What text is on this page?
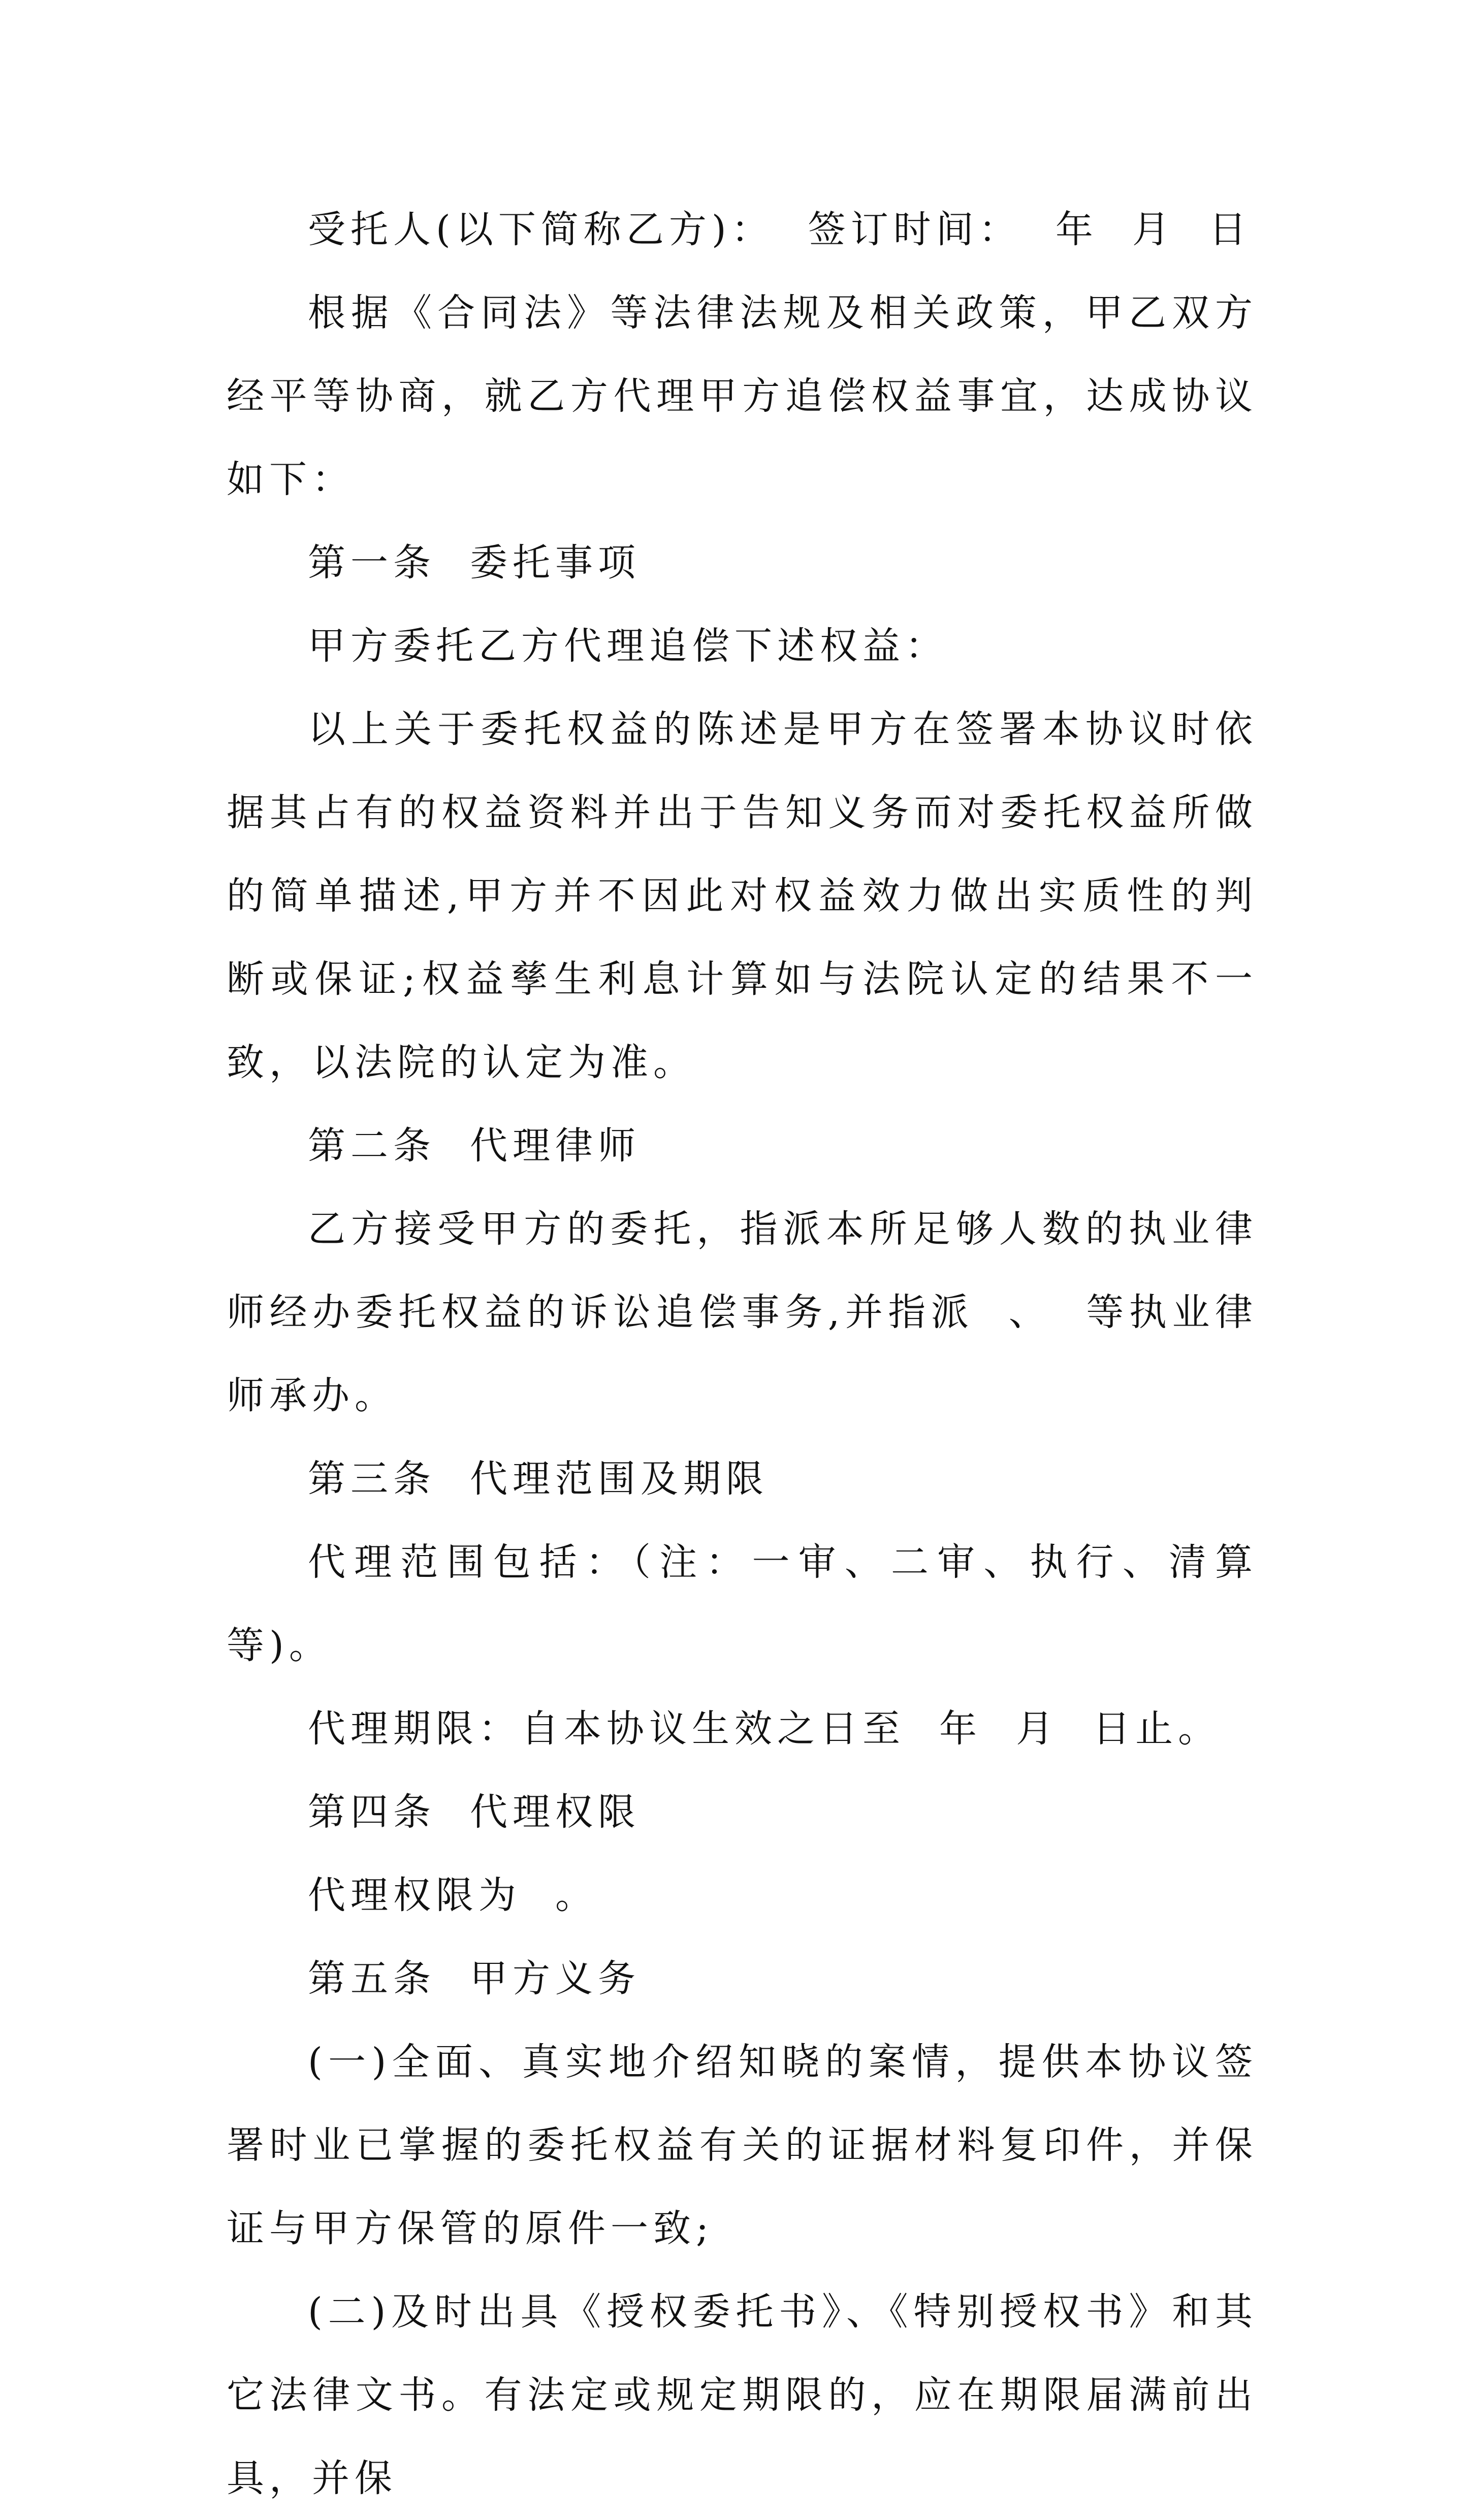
受托人(以下简称乙方)：  签订时间：  年  月  日

根据《合同法》等法律法规及相关政策，甲乙双方经平等协商，就乙方代理甲方追偿权益事宜，达成协议如下：

第一条  委托事项

甲方委托乙方代理追偿下述权益：

以上关于委托权益的陈述是甲方在签署本协议时依据其占有的权益资料并出于告知义务而对委托权益所做的简单描述,甲方并不因此对权益效力做出实质性的判断或保证;权益孳生利息计算如与法院认定的结果不一致，以法院的认定为准。

第二条  代理律师

乙方接受甲方的委托，指派本所足够人数的执业律师经办委托权益的诉讼追偿事务,并指派  、  等执业律师承办。

第三条  代理范围及期限

代理范围包括：（注：一审、二审、执行、清算等)。

代理期限：自本协议生效之日至  年  月  日止。

第四条  代理权限

代理权限为  。

第五条  甲方义务

(一)全面、真实地介绍知晓的案情，提供本协议签署时业已掌握的委托权益有关的证据材料复印件，并保证与甲方保管的原件一致;

(二)及时出具《授权委托书》、《特别授权书》和其它法律文书。有法定或规定期限的，应在期限届满前出具，并保
